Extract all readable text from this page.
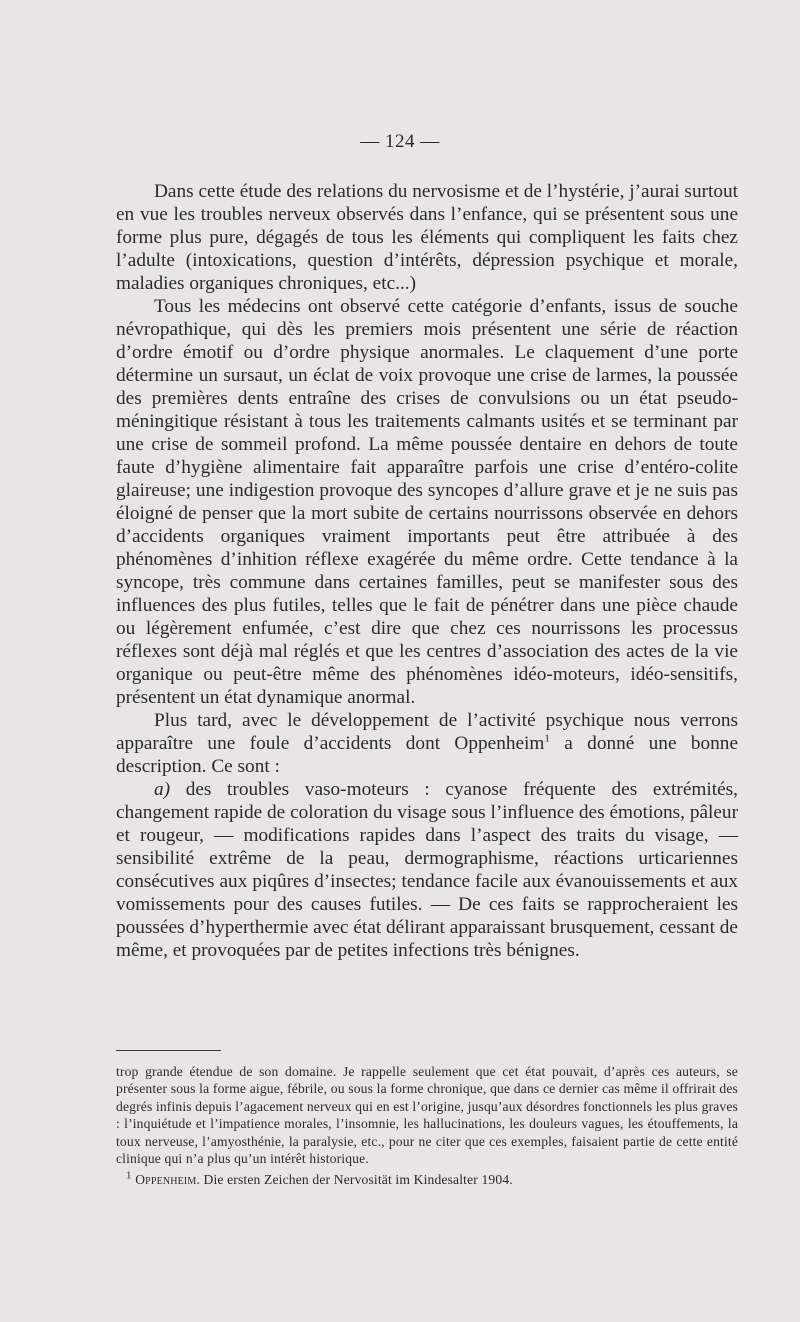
— 124 —

Dans cette étude des relations du nervosisme et de l’hystérie, j’aurai surtout en vue les troubles nerveux observés dans l’enfance, qui se présentent sous une forme plus pure, dégagés de tous les éléments qui compliquent les faits chez l’adulte (intoxications, question d’intérêts, dépression psychique et morale, maladies organiques chroniques, etc...)

Tous les médecins ont observé cette catégorie d’enfants, issus de souche névropathique, qui dès les premiers mois présentent une série de réaction d’ordre émotif ou d’ordre physique anormales. Le claquement d’une porte détermine un sursaut, un éclat de voix provoque une crise de larmes, la poussée des premières dents entraîne des crises de convulsions ou un état pseudo-méningitique résistant à tous les traitements calmants usités et se terminant par une crise de sommeil profond. La même poussée dentaire en dehors de toute faute d’hygiène alimentaire fait apparaître parfois une crise d’entéro-colite glaireuse; une indigestion provoque des syncopes d’allure grave et je ne suis pas éloigné de penser que la mort subite de certains nourrissons observée en dehors d’accidents organiques vraiment importants peut être attribuée à des phénomènes d’inhition réflexe exagérée du même ordre. Cette tendance à la syncope, très commune dans certaines familles, peut se manifester sous des influences des plus futiles, telles que le fait de pénétrer dans une pièce chaude ou légèrement enfumée, c’est dire que chez ces nourrissons les processus réflexes sont déjà mal réglés et que les centres d’association des actes de la vie organique ou peut-être même des phénomènes idéo-moteurs, idéo-sensitifs, présentent un état dynamique anormal.

Plus tard, avec le développement de l’activité psychique nous verrons apparaître une foule d’accidents dont Oppenheim$^1$ a donné une bonne description. Ce sont :

a) des troubles vaso-moteurs : cyanose fréquente des extrémités, changement rapide de coloration du visage sous l’influence des émotions, pâleur et rougeur, — modifications rapides dans l’aspect des traits du visage, — sensibilité extrême de la peau, dermographisme, réactions urticariennes consécutives aux piqûres d’insectes; tendance facile aux évanouissements et aux vomissements pour des causes futiles. — De ces faits se rapprocheraient les poussées d’hyperthermie avec état délirant apparaissant brusquement, cessant de même, et provoquées par de petites infections très bénignes.

trop grande étendue de son domaine. Je rappelle seulement que cet état pouvait, d’après ces auteurs, se présenter sous la forme aigue, fébrile, ou sous la forme chronique, que dans ce dernier cas même il offrirait des degrés infinis depuis l’agacement nerveux qui en est l’origine, jusqu’aux désordres fonctionnels les plus graves : l’inquiétude et l’impatience morales, l’insomnie, les hallucinations, les douleurs vagues, les étouffements, la toux nerveuse, l’amyosthénie, la paralysie, etc., pour ne citer que ces exemples, faisaient partie de cette entité clinique qui n’a plus qu’un intérêt historique.

$^1$ Oppenheim. Die ersten Zeichen der Nervosität im Kindesalter 1904.
